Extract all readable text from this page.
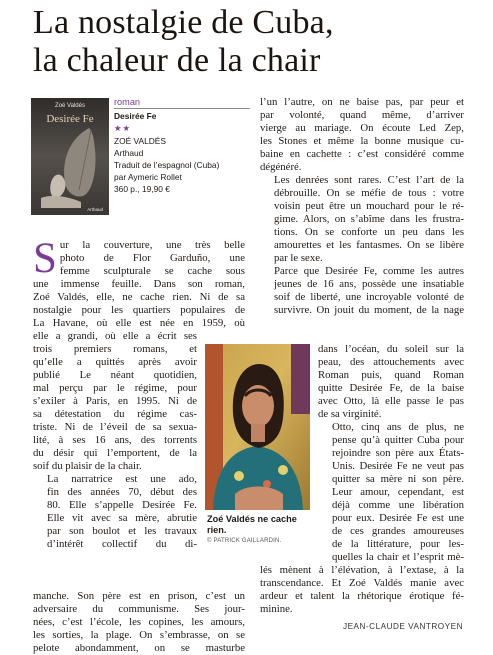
La nostalgie de Cuba,
la chaleur de la chair
Zoé Valdés
Desirée Fe
Arthaud
roman
Desirée Fe
★★
ZOÉ VALDÉS
Arthaud
Traduit de l’espagnol (Cuba)
par Aymeric Rollet
360 p., 19,90 €

S ur la couverture, une très belle
photo de Flor Garduño, une
femme sculpturale se cache sous
une immense feuille. Dans son roman,
Zoé Valdés, elle, ne cache rien. Ni de sa
nostalgie pour les quartiers populaires de
La Havane, où elle est née en 1959, où

elle a grandi, où elle a écrit ses
trois premiers romans, et
qu’elle a quittés après avoir
publié Le néant quotidien,
mal perçu par le régime, pour
s’exiler à Paris, en 1995. Ni de
sa détestation du régime cas-
triste. Ni de l’éveil de sa sexua-
lité, à ses 16 ans, des torrents
du désir qui l’emportent, de la
soif du plaisir de la chair.

La narratrice est une ado,
fin des années 70, début des
80. Elle s’appelle Desirée Fe.
Elle vit avec sa mère, abrutie
par son boulot et les travaux
d’intérêt collectif du di-

manche. Son père est en prison, c’est un
adversaire du communisme. Ses jour-
nées, c’est l’école, les copines, les amours,
les sorties, la plage. On s’embrasse, on se
pelote abondamment, on se masturbe

l’un l’autre, on ne baise pas, par peur et
par volonté, quand même, d’arriver
vierge au mariage. On écoute Led Zep,
les Stones et même la bonne musique cu-
baine en cachette : c’est considéré comme
dégénéré.

Les denrées sont rares. C’est l’art de la
débrouille. On se méfie de tous : votre
voisin peut être un mouchard pour le ré-
gime. Alors, on s’abîme dans les frustra-
tions. On se conforte un peu dans les
amourettes et les fantasmes. On se libère
par le sexe.

Parce que Desirée Fe, comme les autres
jeunes de 16 ans, possède une insatiable
soif de liberté, une incroyable volonté de
survivre. On jouit du moment, de la nage

dans l’océan, du soleil sur la
peau, des attouchements avec
Roman puis, quand Roman
quitte Desirée Fe, de la baise
avec Otto, là elle passe le pas
de sa virginité.

Otto, cinq ans de plus, ne
pense qu’à quitter Cuba pour
rejoindre son père aux États-
Unis. Desirée Fe ne veut pas
quitter sa mère ni son père.
Leur amour, cependant, est
déjà comme une libération
pour eux. Desirée Fe est une
de ces grandes amoureuses
de la littérature, pour les-
quelles la chair et l’esprit mè-

lés mènent à l’élévation, à l’extase, à la
transcendance. Et Zoé Valdés manie avec
ardeur et talent la rhétorique érotique fé-
minine.

Zoé Valdés ne cache rien.
© PATRICK GAILLARDIN.
JEAN-CLAUDE VANTROYEN
